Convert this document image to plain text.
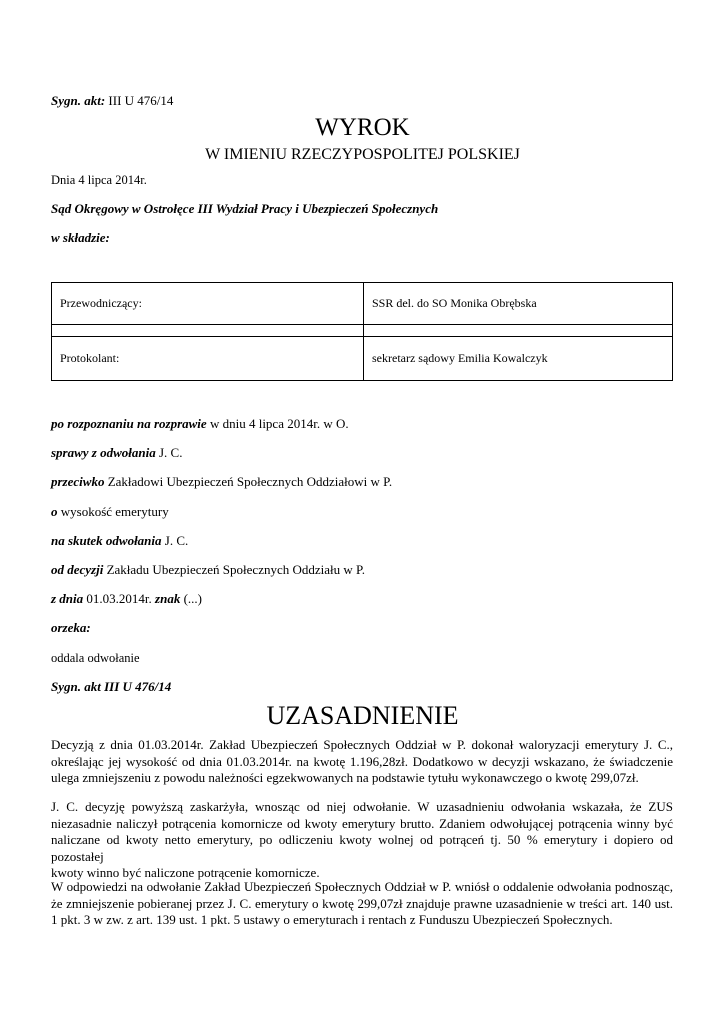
Sygn. akt: III U 476/14
WYROK
W IMIENIU RZECZYPOSPOLITEJ POLSKIEJ
Dnia 4 lipca 2014r.
Sąd Okręgowy w Ostrołęce III Wydział Pracy i Ubezpieczeń Społecznych
w składzie:
Przewodniczący:	SSR del. do SO Monika Obrębska

Protokolant:	sekretarz sądowy Emilia Kowalczyk
po rozpoznaniu na rozprawie w dniu 4 lipca 2014r. w O.
sprawy z odwołania J. C.
przeciwko Zakładowi Ubezpieczeń Społecznych Oddziałowi w P.
o wysokość emerytury
na skutek odwołania J. C.
od decyzji Zakładu Ubezpieczeń Społecznych Oddziału w P.
z dnia 01.03.2014r. znak (...)
orzeka:
oddala odwołanie
Sygn. akt III U 476/14
UZASADNIENIE
Decyzją z dnia 01.03.2014r. Zakład Ubezpieczeń Społecznych Oddział w P. dokonał waloryzacji emerytury J. C.,
określając jej wysokość od dnia 01.03.2014r. na kwotę 1.196,28zł. Dodatkowo w decyzji wskazano, że świadczenie
ulega zmniejszeniu z powodu należności egzekwowanych na podstawie tytułu wykonawczego o kwotę 299,07zł.
J. C. decyzję powyższą zaskarżyła, wnosząc od niej odwołanie. W uzasadnieniu odwołania wskazała, że ZUS
niezasadnie naliczył potrącenia komornicze od kwoty emerytury brutto. Zdaniem odwołującej potrącenia winny być
naliczane od kwoty netto emerytury, po odliczeniu kwoty wolnej od potrąceń tj. 50 % emerytury i dopiero od pozostałej
kwoty winno być naliczone potrącenie komornicze.
W odpowiedzi na odwołanie Zakład Ubezpieczeń Społecznych Oddział w P. wniósł o oddalenie odwołania podnosząc,
że zmniejszenie pobieranej przez J. C. emerytury o kwotę 299,07zł znajduje prawne uzasadnienie w treści art. 140 ust.
1 pkt. 3 w zw. z art. 139 ust. 1 pkt. 5 ustawy o emeryturach i rentach z Funduszu Ubezpieczeń Społecznych.
